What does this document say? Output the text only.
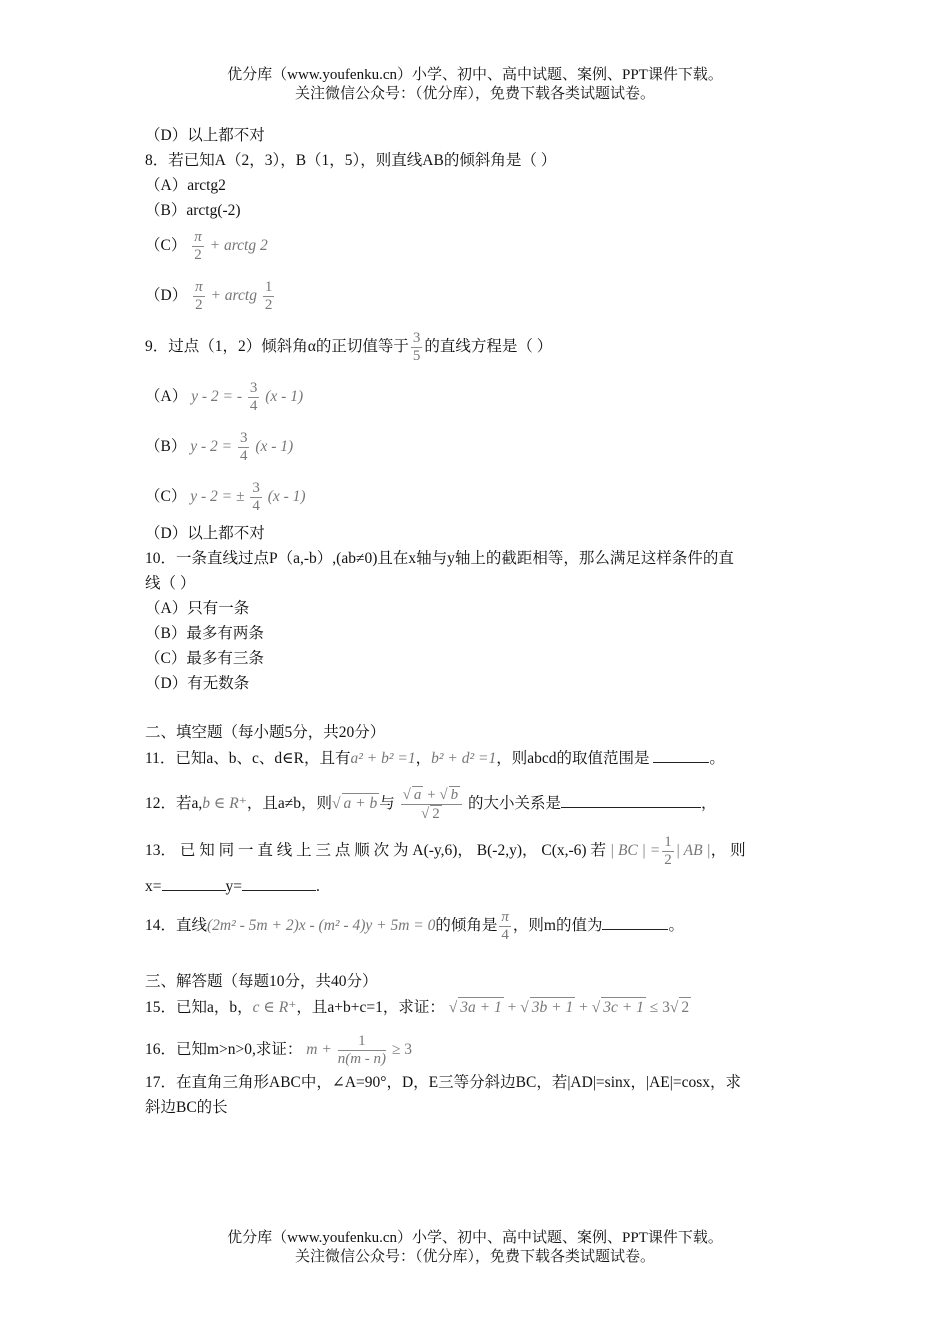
优分库（www.youfenku.cn）小学、初中、高中试题、案例、PPT课件下载。
关注微信公众号：（优分库），免费下载各类试题试卷。
（D）以上都不对
8．若已知A（2，3），B（1，5），则直线AB的倾斜角是（ ）
（A）arctg2
（B）arctg(-2)
$(C) \frac{\pi}{2}$ + arctg 2
$(D) \frac{\pi}{2}$ + arctg $\frac{1}{2}$
9．过点（1，2）倾斜角α的正切值等于 $\frac{3}{5}$ 的直线方程是（ ）
（A） y - 2 = - $\frac{3}{4} (x - 1)$
（B） $y - 2 = \frac{3}{4} (x - 1)$
（C） y - 2 = ± $\frac{3}{4} (x - 1)$
（D）以上都不对
10．一条直线过点P（a,-b）,(ab≠0)且在x轴与y轴上的截距相等，那么满足这样条件的直
线（ ）
（A）只有一条
（B）最多有两条
（C）最多有三条
（D）有无数条
二、填空题（每小题5分，共20分）
11．已知a、b、c、d∈R，且有a² + b² =1，b² + d² =1，则abcd的取值范围是	。
12．若a,b ∈ R⁺，且a≠b，则√ a + b 与 $\frac{√ a + √ b}{√ 2}$ 的大小关系是	，
13． 已 知 同 一 直 线 上 三 点 顺 次 为 A(-y,6)， B(-2,y)， C(x,-6) 若 | BC | = $\frac{1}{2}$ | AB |， 则
x=	y=	.
14．直线(2m² - 5m + 2)x - (m² - 4)y + 5m = 0的倾角是 $\frac{\pi}{4}$ ，则m的值为	。
三、解答题（每题10分，共40分）
15．已知a，b，c ∈ R⁺，且a+b+c=1，求证： √ 3a + 1 + √ 3b + 1 + √ 3c + 1 ≤ 3√ 2
16．已知m>n>0,求证： $m + \frac{1}{n(m - n)} \ge 3$
17．在直角三角形ABC中，∠A=90°，D，E三等分斜边BC，若|AD|=sinx，|AE|=cosx，求
斜边BC的长
优分库（www.youfenku.cn）小学、初中、高中试题、案例、PPT课件下载。
关注微信公众号：（优分库），免费下载各类试题试卷。
